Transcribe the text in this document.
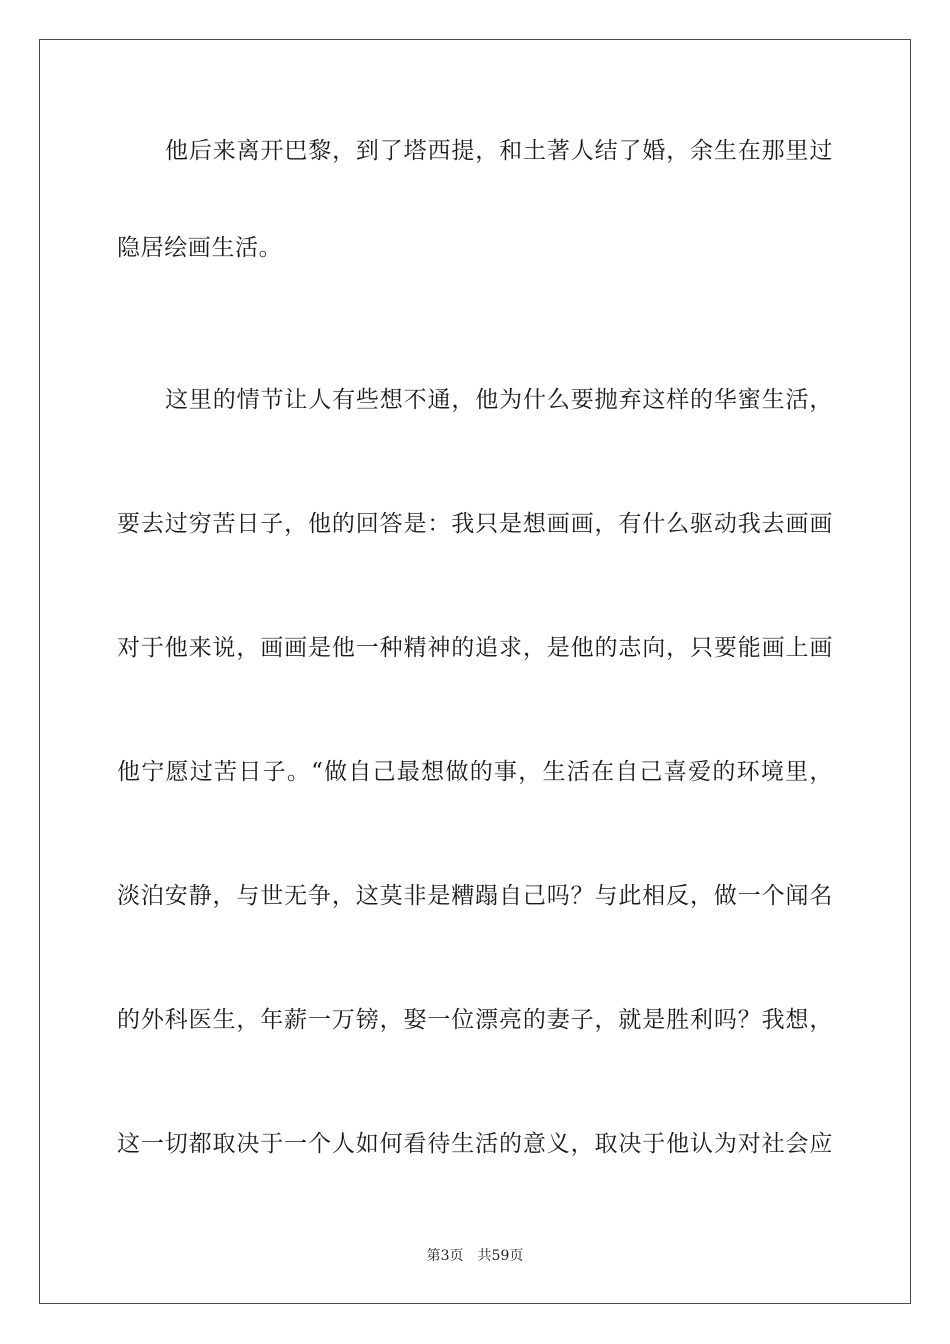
他后来离开巴黎，到了塔西提，和土著人结了婚，余生在那里过
隐居绘画生活。
这里的情节让人有些想不通，他为什么要抛弃这样的华蜜生活，
要去过穷苦日子，他的回答是：我只是想画画，有什么驱动我去画画
对于他来说，画画是他一种精神的追求，是他的志向，只要能画上画
他宁愿过苦日子。“做自己最想做的事，生活在自己喜爱的环境里，
淡泊安静，与世无争，这莫非是糟蹋自己吗？与此相反，做一个闻名
的外科医生，年薪一万镑，娶一位漂亮的妻子，就是胜利吗？我想，
这一切都取决于一个人如何看待生活的意义，取决于他认为对社会应
第3页 共59页
